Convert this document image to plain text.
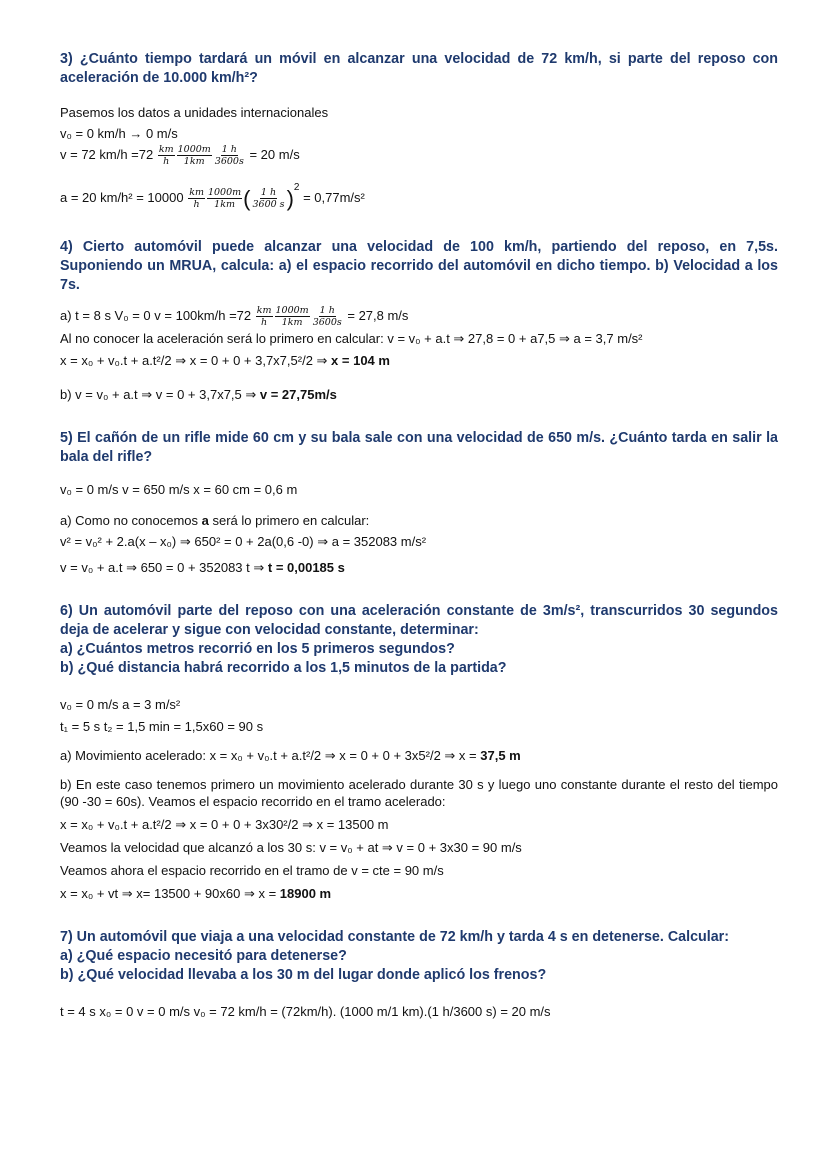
3) ¿Cuánto tiempo tardará un móvil en alcanzar una velocidad de 72 km/h, si parte del reposo con aceleración de 10.000 km/h²?

Pasemos los datos a unidades internacionales

v₀ = 0 km/h → 0 m/s

v = 72 $km/h =72 \frac{km}{h} \frac{1000m}{1km} \frac{1 h}{3600s} = 20$ m/s

a = 20 $km/h^2 = 10000 \frac{km}{h} \frac{1000m}{1km}$ ( $\frac{1 h}{3600 s} )^2 = 0,77m/s^2$

4) Cierto automóvil puede alcanzar una velocidad de 100 km/h, partiendo del reposo, en 7,5s. Suponiendo un MRUA, calcula: a) el espacio recorrido del automóvil en dicho tiempo. b) Velocidad a los 7s.

a) t = 8 s V₀ = 0 $v = 100km/h =72 \frac{km}{h} \frac{1000m}{1km} \frac{1 h}{3600s} = 27,8$ m/s

Al no conocer la aceleración será lo primero en calcular: v = v₀ + a.t ⇒ 27,8 = 0 + a7,5 ⇒ a = 3,7 m/s²

x = x₀ + v₀.t + a.t²/2 ⇒ x = 0 + 0 + 3,7x7,5²/2 ⇒ x = 104 m

b) v = v₀ + a.t ⇒ v = 0 + 3,7x7,5 ⇒ v = 27,75m/s

5) El cañón de un rifle mide 60 cm y su bala sale con una velocidad de 650 m/s. ¿Cuánto tarda en salir la bala del rifle?

v₀ = 0 m/s v = 650 m/s x = 60 cm = 0,6 m

a) Como no conocemos a será lo primero en calcular:

v² = v₀² + 2.a(x – x₀) ⇒ 650² = 0 + 2a(0,6 -0) ⇒ a = 352083 m/s²

v = v₀ + a.t ⇒ 650 = 0 + 352083 t ⇒ t = 0,00185 s

6) Un automóvil parte del reposo con una aceleración constante de 3m/s², transcurridos 30 segundos deja de acelerar y sigue con velocidad constante, determinar:

a) ¿Cuántos metros recorrió en los 5 primeros segundos?

b) ¿Qué distancia habrá recorrido a los 1,5 minutos de la partida?

v₀ = 0 m/s a = 3 m/s²

t₁ = 5 s t₂ = 1,5 min = 1,5x60 = 90 s

a) Movimiento acelerado: x = x₀ + v₀.t + a.t²/2 ⇒ x = 0 + 0 + 3x5²/2 ⇒ x = 37,5 m

b) En este caso tenemos primero un movimiento acelerado durante 30 s y luego uno constante durante el resto del tiempo (90 -30 = 60s). Veamos el espacio recorrido en el tramo acelerado:

x = x₀ + v₀.t + a.t²/2 ⇒ x = 0 + 0 + 3x30²/2 ⇒ x = 13500 m

Veamos la velocidad que alcanzó a los 30 s: v = v₀ + at ⇒ v = 0 + 3x30 = 90 m/s

Veamos ahora el espacio recorrido en el tramo de v = cte = 90 m/s

x = x₀ + vt ⇒ x= 13500 + 90x60 ⇒ x = 18900 m

7) Un automóvil que viaja a una velocidad constante de 72 km/h y tarda 4 s en detenerse. Calcular:

a) ¿Qué espacio necesitó para detenerse?

b) ¿Qué velocidad llevaba a los 30 m del lugar donde aplicó los frenos?

t = 4 s x₀ = 0 v = 0 m/s v₀ = 72 km/h = (72km/h). (1000 m/1 km).(1 h/3600 s) = 20 m/s
